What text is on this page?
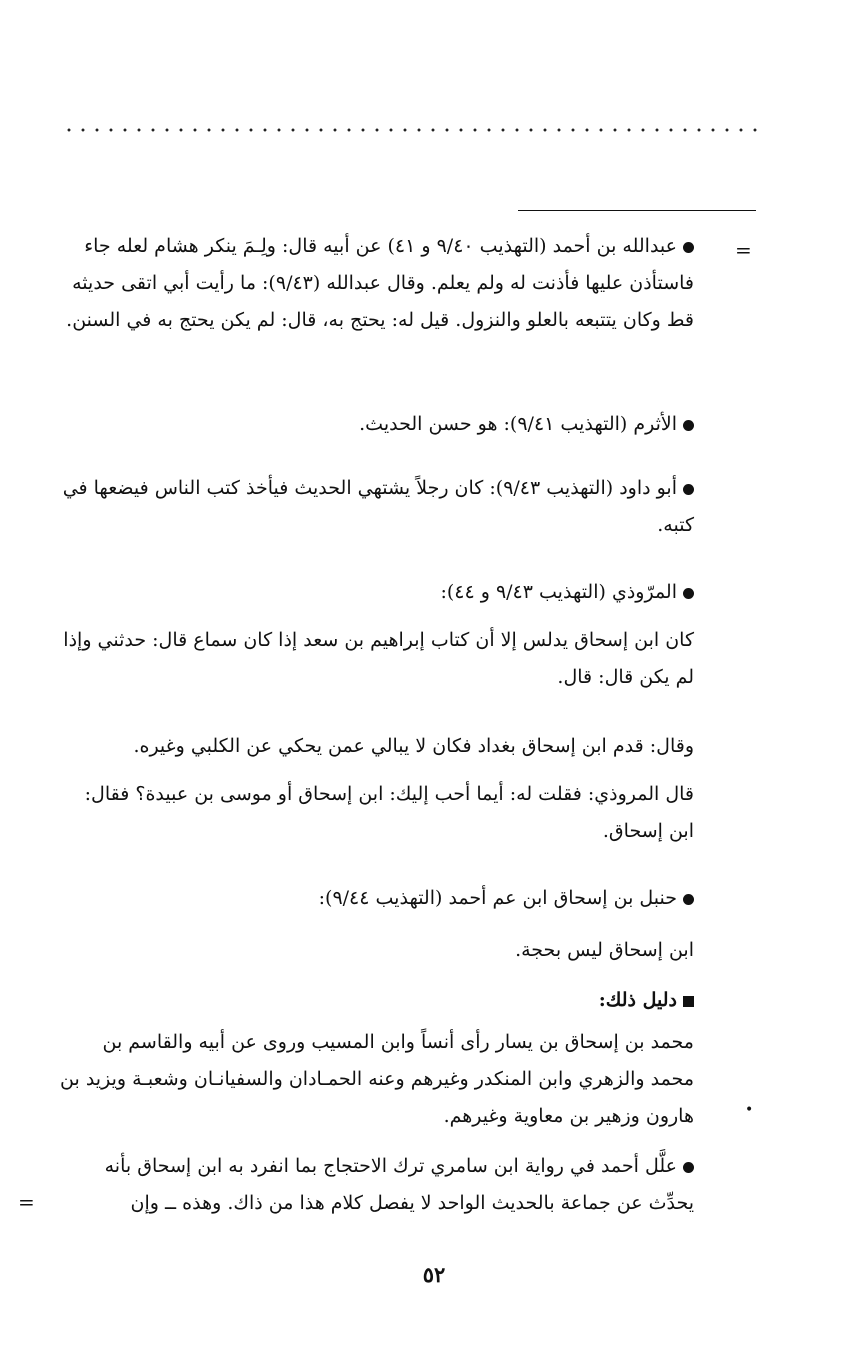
=
•
=

عبدالله بن أحمد (التهذيب ٩/٤٠ و ٤١) عن أبيه قال: ولِـمَ ينكر هشام لعله جاء فاستأذن عليها فأذنت له ولم يعلم. وقال عبدالله (٩/٤٣): ما رأيت أبي اتقى حديثه قط وكان يتتبعه بالعلو والنزول. قيل له: يحتج به، قال: لم يكن يحتج به في السنن.

الأثرم (التهذيب ٩/٤١): هو حسن الحديث.

أبو داود (التهذيب ٩/٤٣): كان رجلاً يشتهي الحديث فيأخذ كتب الناس فيضعها في كتبه.

المرّوذي (التهذيب ٩/٤٣ و ٤٤):

كان ابن إسحاق يدلس إلا أن كتاب إبراهيم بن سعد إذا كان سماع قال: حدثني وإذا لم يكن قال: قال.

وقال: قدم ابن إسحاق بغداد فكان لا يبالي عمن يحكي عن الكلبي وغيره.

قال المروذي: فقلت له: أيما أحب إليك: ابن إسحاق أو موسى بن عبيدة؟ فقال: ابن إسحاق.

حنبل بن إسحاق ابن عم أحمد (التهذيب ٩/٤٤):

ابن إسحاق ليس بحجة.

دليل ذلك:

محمد بن إسحاق بن يسار رأى أنساً وابن المسيب وروى عن أبيه والقاسم بن محمد والزهري وابن المنكدر وغيرهم وعنه الحمـادان والسفيانـان وشعبـة ويزيد بن هارون وزهير بن معاوية وغيرهم.

علَّل أحمد في رواية ابن سامري ترك الاحتجاج بما انفرد به ابن إسحاق بأنه يحدِّث عن جماعة بالحديث الواحد لا يفصل كلام هذا من ذاك. وهذه ــ وإن

٥٢
